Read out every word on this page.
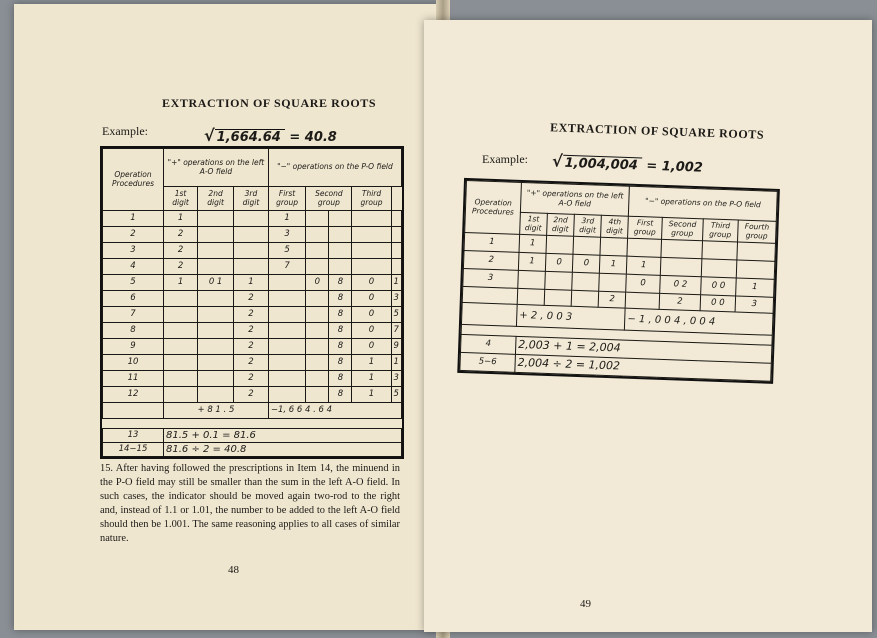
EXTRACTION OF SQUARE ROOTS
Example:	√ 1,664.64 = 40.8
Operation Procedures	"+" operations on the left A-O field			"−" operations on the P-O field				
	1st digit	2nd digit	3rd digit	First group	Second group		Third group	
1	1			1				
2	2			3				
3	2			5				
4	2			7				
5	1	0 1	1		0	8	0	1
6			2			8	0	3
7			2			8	0	5
8			2			8	0	7
9			2			8	0	9
10			2			8	1	1
11			2			8	1	3
12			2			8	1	5
	+ 8 1 . 5			−1, 6 6 4 . 6 4				

13	81.5 + 0.1 = 81.6							
14−15	81.6 ÷ 2 = 40.8							
15. After having followed the prescriptions in Item 14, the minuend in the P-O field may still be smaller than the sum in the left A-O field. In such cases, the indicator should be moved again two-rod to the right and, instead of 1.1 or 1.01, the number to be added to the left A-O field should then be 1.001. The same reasoning applies to all cases of similar nature.
48
EXTRACTION OF SQUARE ROOTS
Example: √1,004,004 = 1,002
Operation Procedures	"+" operations on the left A-O field				"−" operations on the P-O field			
	1st digit	2nd digit	3rd digit	4th digit	First group	Second group	Third group	Fourth group
1	1							
2	1	0	0	1	1			
3					0	0 2	0 0	1
				2		2	0 0	3
	+ 2 , 0 0 3				− 1 , 0 0 4 , 0 0 4			

4	2,003 + 1 = 2,004							
5−6	2,004 ÷ 2 = 1,002							
49
